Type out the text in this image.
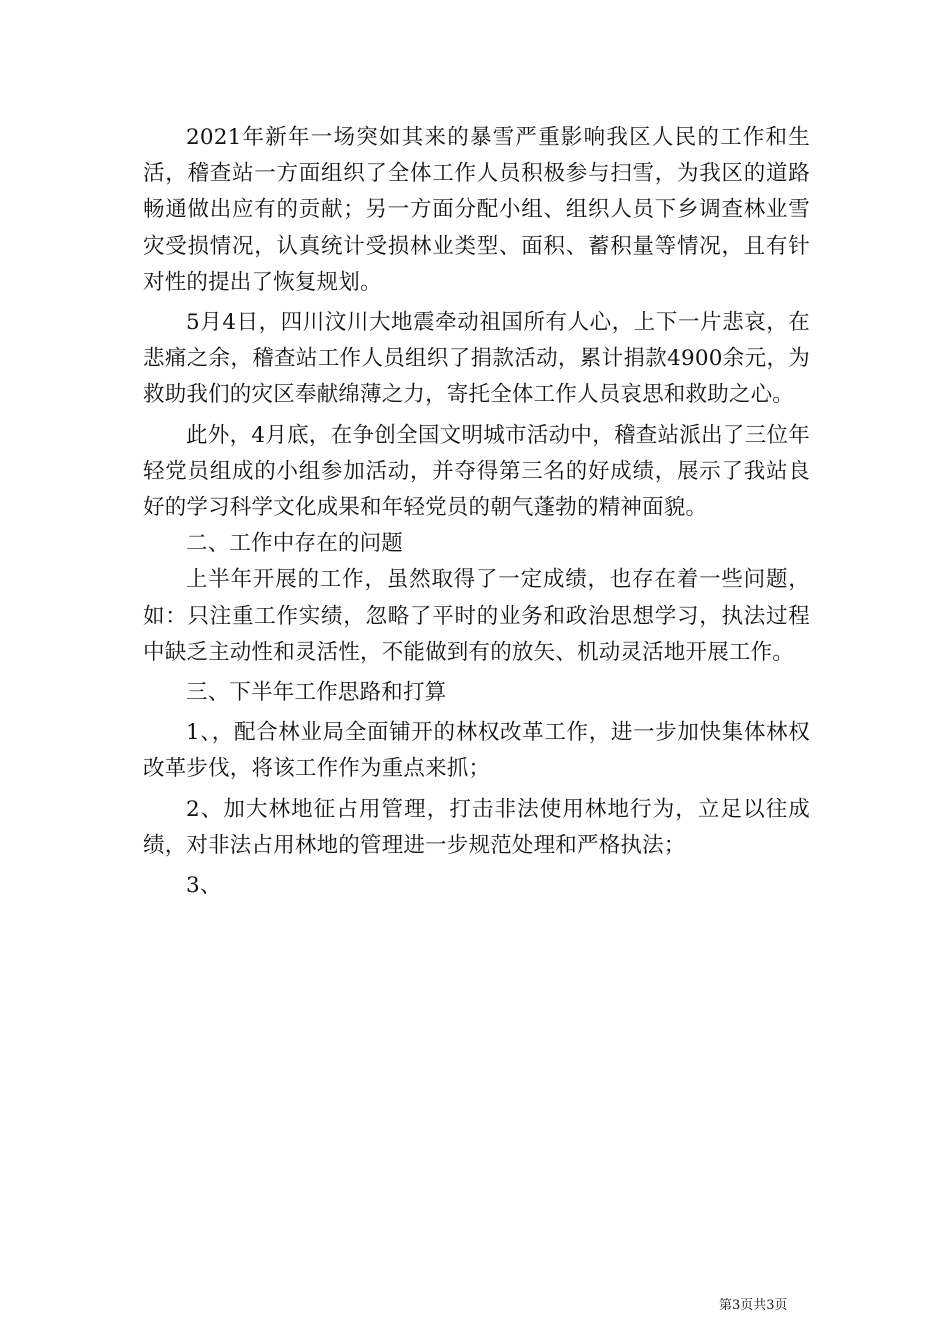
2021年新年一场突如其来的暴雪严重影响我区人民的工作和生活，稽查站一方面组织了全体工作人员积极参与扫雪，为我区的道路畅通做出应有的贡献；另一方面分配小组、组织人员下乡调查林业雪灾受损情况，认真统计受损林业类型、面积、蓄积量等情况，且有针对性的提出了恢复规划。

5月4日，四川汶川大地震牵动祖国所有人心，上下一片悲哀，在悲痛之余，稽查站工作人员组织了捐款活动，累计捐款4900余元，为救助我们的灾区奉献绵薄之力，寄托全体工作人员哀思和救助之心。

此外，4月底，在争创全国文明城市活动中，稽查站派出了三位年轻党员组成的小组参加活动，并夺得第三名的好成绩，展示了我站良好的学习科学文化成果和年轻党员的朝气蓬勃的精神面貌。

二、工作中存在的问题

上半年开展的工作，虽然取得了一定成绩，也存在着一些问题，如：只注重工作实绩，忽略了平时的业务和政治思想学习，执法过程中缺乏主动性和灵活性，不能做到有的放矢、机动灵活地开展工作。

三、下半年工作思路和打算

1、，配合林业局全面铺开的林权改革工作，进一步加快集体林权改革步伐，将该工作作为重点来抓；

2、加大林地征占用管理，打击非法使用林地行为，立足以往成绩，对非法占用林地的管理进一步规范处理和严格执法；

3、

第3页共3页
